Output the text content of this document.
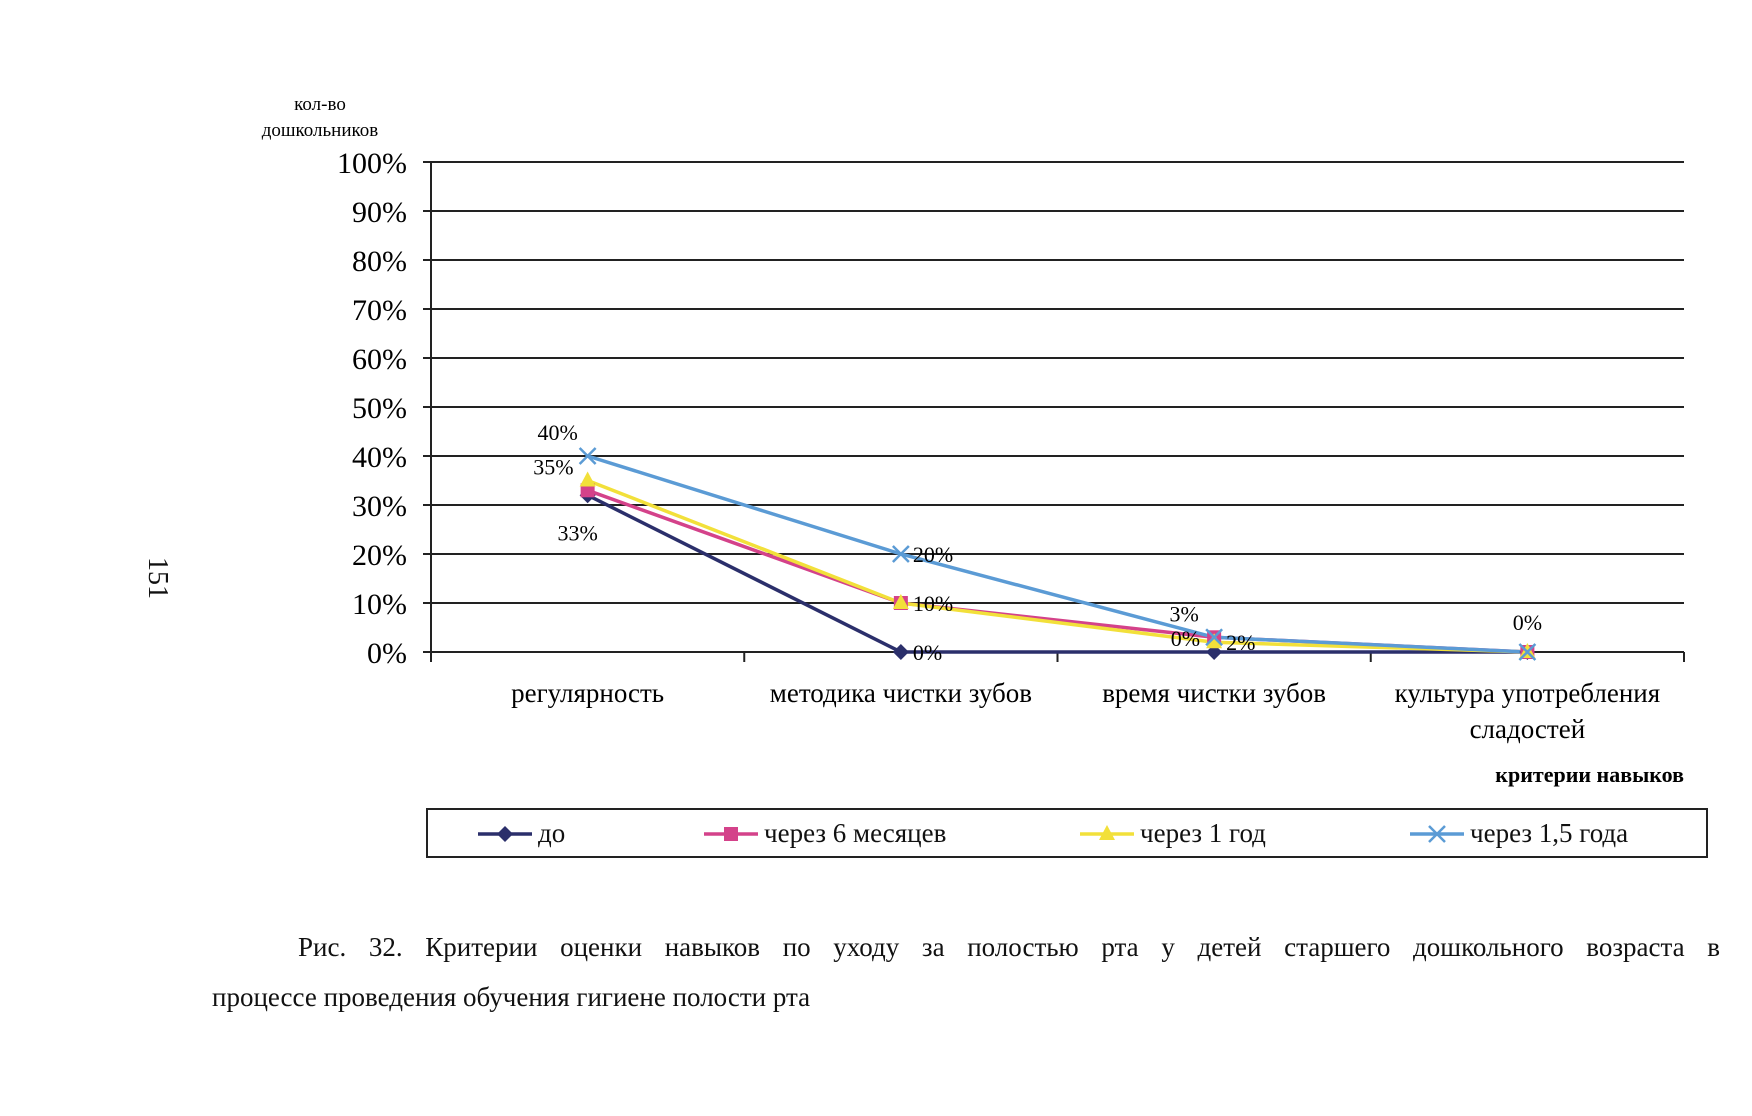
151
кол-во
дошкольников
0%
10%
20%
30%
40%
50%
60%
70%
80%
90%
100%
регулярность	методика чистки зубов	время чистки зубов	культура употребления
сладостей
критерии навыков
40%
35%
33%
20%
10%
0%
3%
0% 2%
0%
до	через 6 месяцев	через 1 год	через 1,5 года
Рис. 32. Критерии оценки навыков по уходу за полостью рта у детей старшего дошкольного возраста в
процессе проведения обучения гигиене полости рта
